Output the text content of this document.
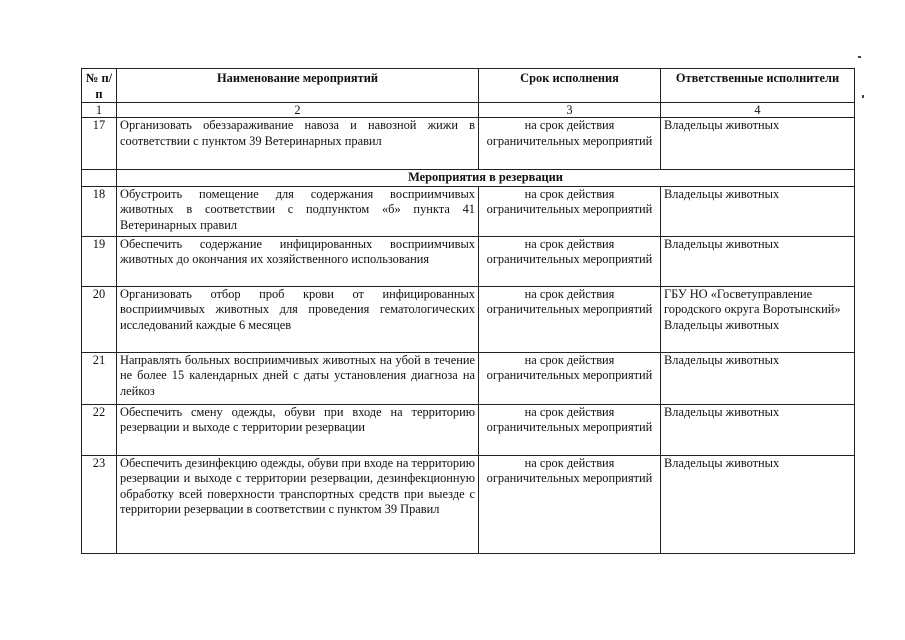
№ п/п	Наименование мероприятий	Срок исполнения	Ответственные исполнители
1	2	3	4
17	Организовать обеззараживание навоза и навозной жижи в соответствии с пунктом 39 Ветеринарных правил	на срок действия ограничительных мероприятий	Владельцы животных
	Мероприятия в резервации		
18	Обустроить помещение для содержания восприимчивых животных в соответствии с подпунктом «б» пункта 41 Ветеринарных правил	на срок действия ограничительных мероприятий	Владельцы животных
19	Обеспечить содержание инфицированных восприимчивых животных до окончания их хозяйственного использования	на срок действия ограничительных мероприятий	Владельцы животных
20	Организовать отбор проб крови от инфицированных восприимчивых животных для проведения гематологических исследований каждые 6 месяцев	на срок действия ограничительных мероприятий	ГБУ НО «Госветуправление городского округа Воротынский» Владельцы животных
21	Направлять больных восприимчивых животных на убой в течение не более 15 календарных дней с даты установления диагноза на лейкоз	на срок действия ограничительных мероприятий	Владельцы животных
22	Обеспечить смену одежды, обуви при входе на территорию резервации и выходе с территории резервации	на срок действия ограничительных мероприятий	Владельцы животных
23	Обеспечить дезинфекцию одежды, обуви при входе на территорию резервации и выходе с территории резервации, дезинфекционную обработку всей поверхности транспортных средств при выезде с территории резервации в соответствии с пунктом 39 Правил	на срок действия ограничительных мероприятий	Владельцы животных
